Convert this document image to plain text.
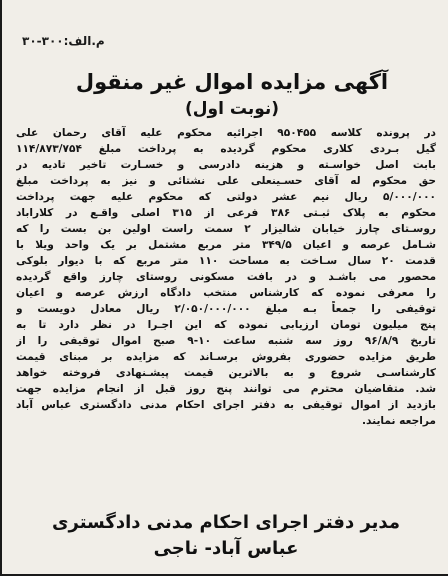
م.الف:۳۰۰-۳۰
آگهی مزایده اموال غیر منقول
(نوبت اول)

در پرونده کلاسه ۹۵۰۴۵۵ اجرائیه محکوم علیه آقای رحمان علی
گیل بـردی کلاری محکوم گردیده به پرداخت مبلغ ۱۱۴/۸۷۳/۷۵۴
بابت اصل خواسـته و هزینه دادرسی و خسـارت تاخیر تادیه در
حق محکوم له آقای حسـینعلی علی نشتائی و نیز به پرداخت مبلغ
۵/۰۰۰/۰۰۰ ریال نیم عشر دولتی که محکوم علیه جهت پرداخت
محکوم به پلاک ثبـتی ۳۸۶ فرعی از ۳۱۵ اصلی واقـع در کلاراباد
روسـتای چارز خیابان شالیزار ۲ سمت راست اولین بن بست را که
شـامل عرصه و اعیان ۳۴۹/۵ متر مربع مشتمل بر یک واحد ویلا با
قدمت ۲۰ سال سـاخت به مساحت ۱۱۰ متر مربع که با دیوار بلوکی
محصور می باشـد و در بافت مسکونی روستای چارز واقع گردیده
را معرفی نموده که کارشناس منتخب دادگاه ارزش عرصه و اعیان
توقیفی را جمعاً بـه مبلغ ۲/۰۵۰/۰۰۰/۰۰۰ ریال معادل دویست و
پنج میلیون تومان ارزیابی نموده که این اجـرا در نظر دارد تا به
تاریخ ۹۶/۸/۹ روز سه شنبه ساعت ۱۰-۹ صبح اموال توقیفی را از
طریق مزایده حضوری بفروش برسـاند که مزایده بر مبنای قیمت
کارشناسـی شروع و به بالاترین قیمت پیشـنهادی فروخته خواهد
شد. متقاضیان محترم می توانند پنج روز قبل از انجام مزایده جهت
بازدید از اموال توقیفی به دفتر اجرای احکام مدنی دادگستری عباس آباد
مراجعه نمایند.

مدیر دفتر اجرای احکام مدنی دادگستری
عباس آباد- ناجی
